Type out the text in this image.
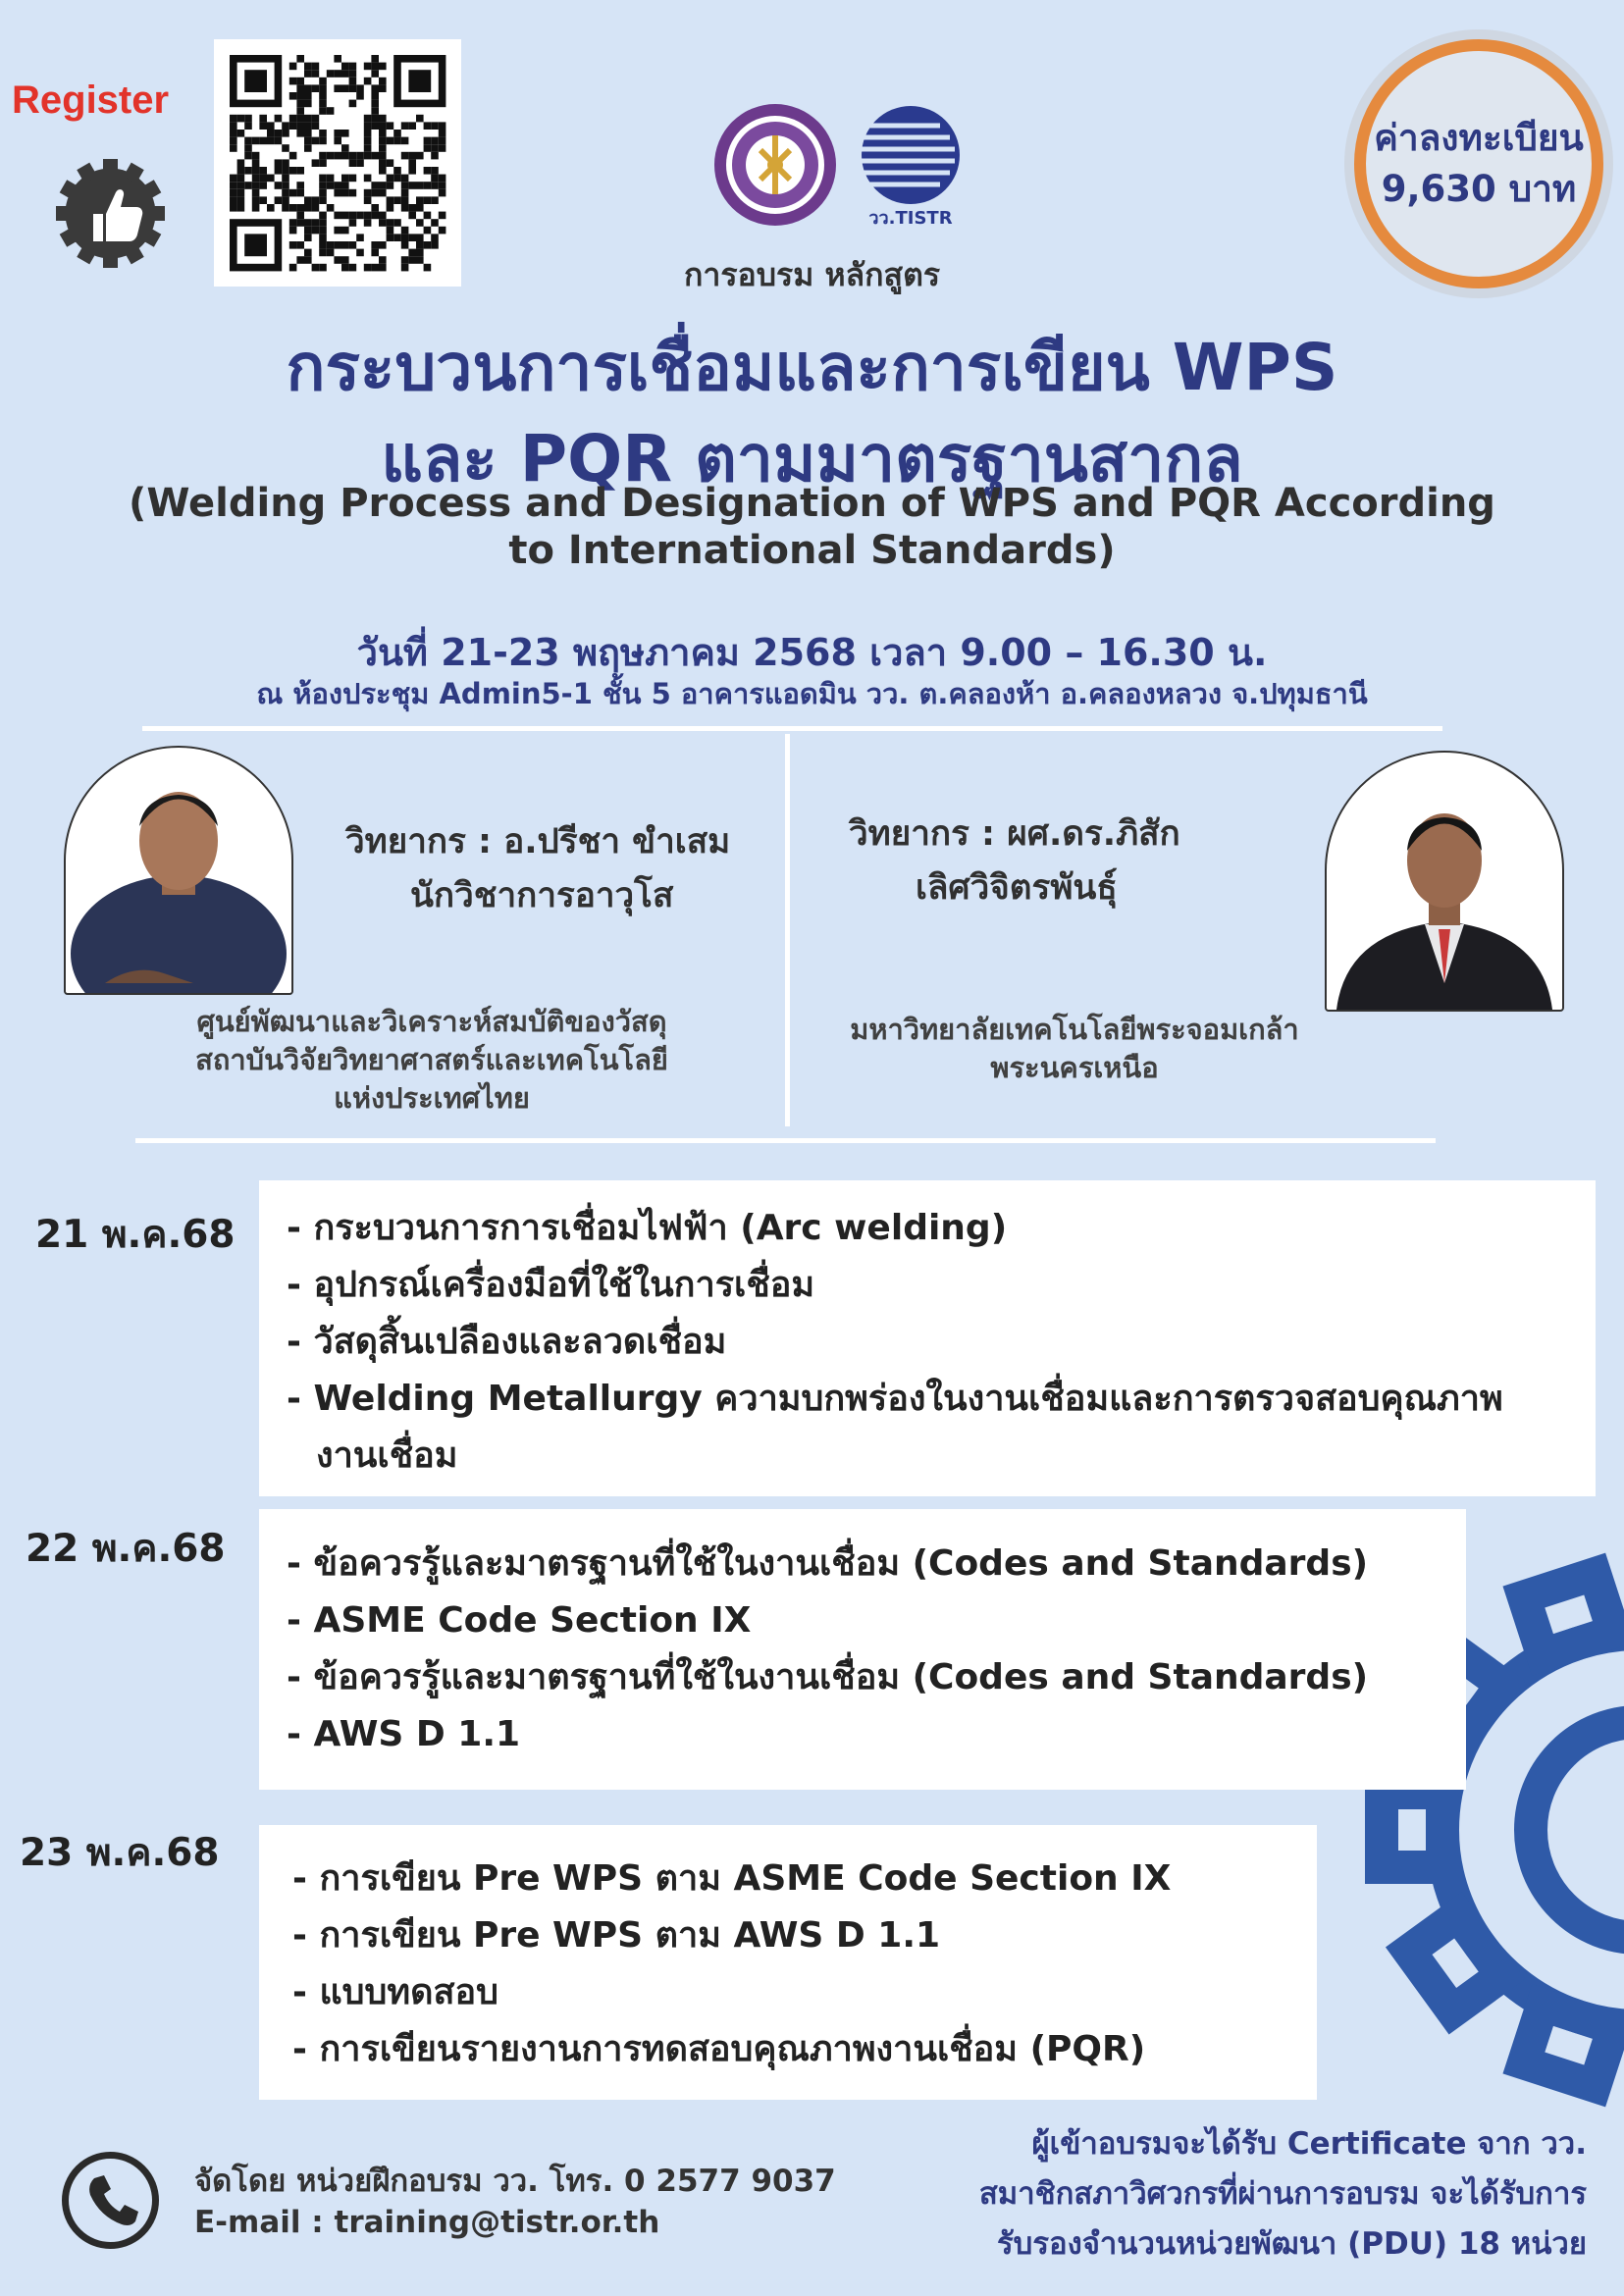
Register
วว.TISTR
ค่าลงทะเบียน
9,630 บาท
การอบรม หลักสูตร
กระบวนการเชื่อมและการเขียน WPS
และ PQR ตามมาตรฐานสากล
(Welding Process and Designation of WPS and PQR According
to International Standards)
วันที่ 21-23 พฤษภาคม 2568 เวลา 9.00 – 16.30 น.
ณ ห้องประชุม Admin5-1 ชั้น 5 อาคารแอดมิน วว. ต.คลองห้า อ.คลองหลวง จ.ปทุมธานี
วิทยากร : อ.ปรีชา ขำเสม
นักวิชาการอาวุโส
ศูนย์พัฒนาและวิเคราะห์สมบัติของวัสดุ
สถาบันวิจัยวิทยาศาสตร์และเทคโนโลยี
แห่งประเทศไทย
วิทยากร : ผศ.ดร.ภิสัก
เลิศวิจิตรพันธุ์
มหาวิทยาลัยเทคโนโลยีพระจอมเกล้า
พระนครเหนือ
21 พ.ค.68 - กระบวนการการเชื่อมไฟฟ้า (Arc welding)
- อุปกรณ์เครื่องมือที่ใช้ในการเชื่อม
- วัสดุสิ้นเปลืองและลวดเชื่อม
- Welding Metallurgy ความบกพร่องในงานเชื่อมและการตรวจสอบคุณภาพ งานเชื่อม
22 พ.ค.68 - ข้อควรรู้และมาตรฐานที่ใช้ในงานเชื่อม (Codes and Standards)
- ASME Code Section IX
- ข้อควรรู้และมาตรฐานที่ใช้ในงานเชื่อม (Codes and Standards)
- AWS D 1.1
23 พ.ค.68
- การเขียน Pre WPS ตาม ASME Code Section IX
- การเขียน Pre WPS ตาม AWS D 1.1
- แบบทดสอบ
- การเขียนรายงานการทดสอบคุณภาพงานเชื่อม (PQR)
จัดโดย หน่วยฝึกอบรม วว. โทร. 0 2577 9037
E-mail : training@tistr.or.th
ผู้เข้าอบรมจะได้รับ Certificate จาก วว.
สมาชิกสภาวิศวกรที่ผ่านการอบรม จะได้รับการ
รับรองจำนวนหน่วยพัฒนา (PDU) 18 หน่วย
